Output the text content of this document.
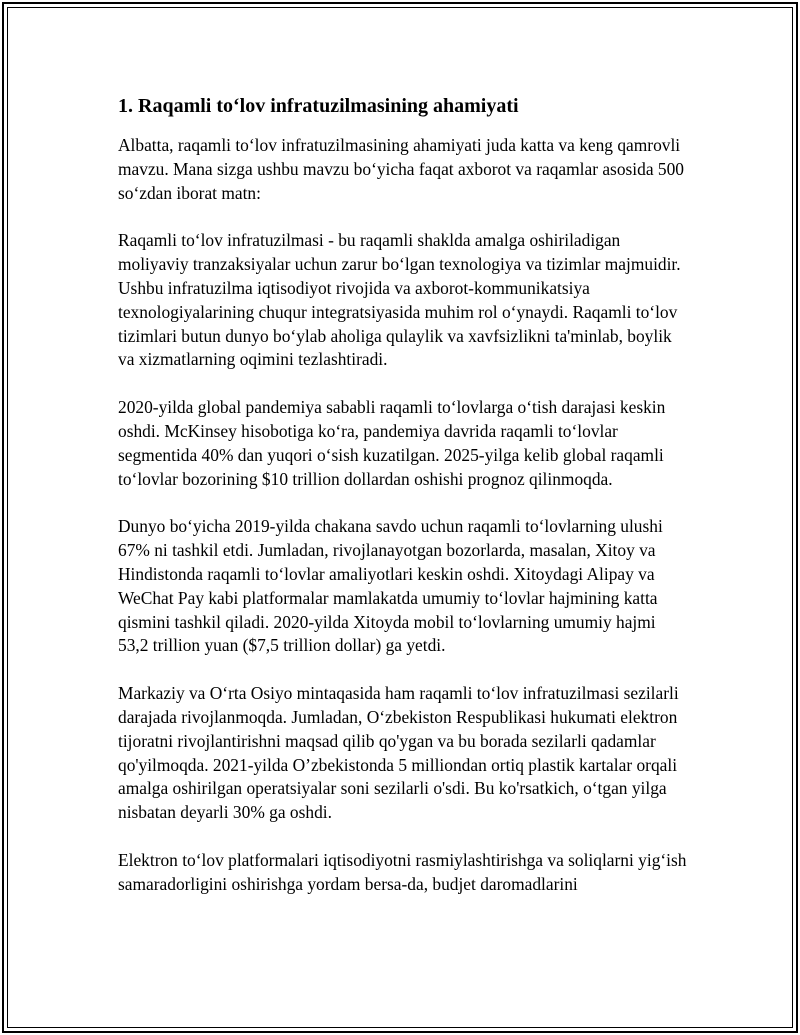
1. Raqamli to‘lov infratuzilmasining ahamiyati

Albatta, raqamli to‘lov infratuzilmasining ahamiyati juda katta va keng qamrovli mavzu. Mana sizga ushbu mavzu bo‘yicha faqat axborot va raqamlar asosida 500 so‘zdan iborat matn:

Raqamli to‘lov infratuzilmasi - bu raqamli shaklda amalga oshiriladigan moliyaviy tranzaksiyalar uchun zarur bo‘lgan texnologiya va tizimlar majmuidir. Ushbu infratuzilma iqtisodiyot rivojida va axborot-kommunikatsiya texnologiyalarining chuqur integratsiyasida muhim rol o‘ynaydi. Raqamli to‘lov tizimlari butun dunyo bo‘ylab aholiga qulaylik va xavfsizlikni ta'minlab, boylik va xizmatlarning oqimini tezlashtiradi.

2020-yilda global pandemiya sababli raqamli to‘lovlarga o‘tish darajasi keskin oshdi. McKinsey hisobotiga ko‘ra, pandemiya davrida raqamli to‘lovlar segmentida 40% dan yuqori o‘sish kuzatilgan. 2025-yilga kelib global raqamli to‘lovlar bozorining $10 trillion dollardan oshishi prognoz qilinmoqda.

Dunyo bo‘yicha 2019-yilda chakana savdo uchun raqamli to‘lovlarning ulushi 67% ni tashkil etdi. Jumladan, rivojlanayotgan bozorlarda, masalan, Xitoy va Hindistonda raqamli to‘lovlar amaliyotlari keskin oshdi. Xitoydagi Alipay va WeChat Pay kabi platformalar mamlakatda umumiy to‘lovlar hajmining katta qismini tashkil qiladi. 2020-yilda Xitoyda mobil to‘lovlarning umumiy hajmi 53,2 trillion yuan ($7,5 trillion dollar) ga yetdi.

Markaziy va O‘rta Osiyo mintaqasida ham raqamli to‘lov infratuzilmasi sezilarli darajada rivojlanmoqda. Jumladan, O‘zbekiston Respublikasi hukumati elektron tijoratni rivojlantirishni maqsad qilib qo'ygan va bu borada sezilarli qadamlar qo'yilmoqda. 2021-yilda O’zbekistonda 5 milliondan ortiq plastik kartalar orqali amalga oshirilgan operatsiyalar soni sezilarli o'sdi. Bu ko'rsatkich, o‘tgan yilga nisbatan deyarli 30% ga oshdi.

Elektron to‘lov platformalari iqtisodiyotni rasmiylashtirishga va soliqlarni yig‘ish samaradorligini oshirishga yordam bersa-da, budjet daromadlarini
